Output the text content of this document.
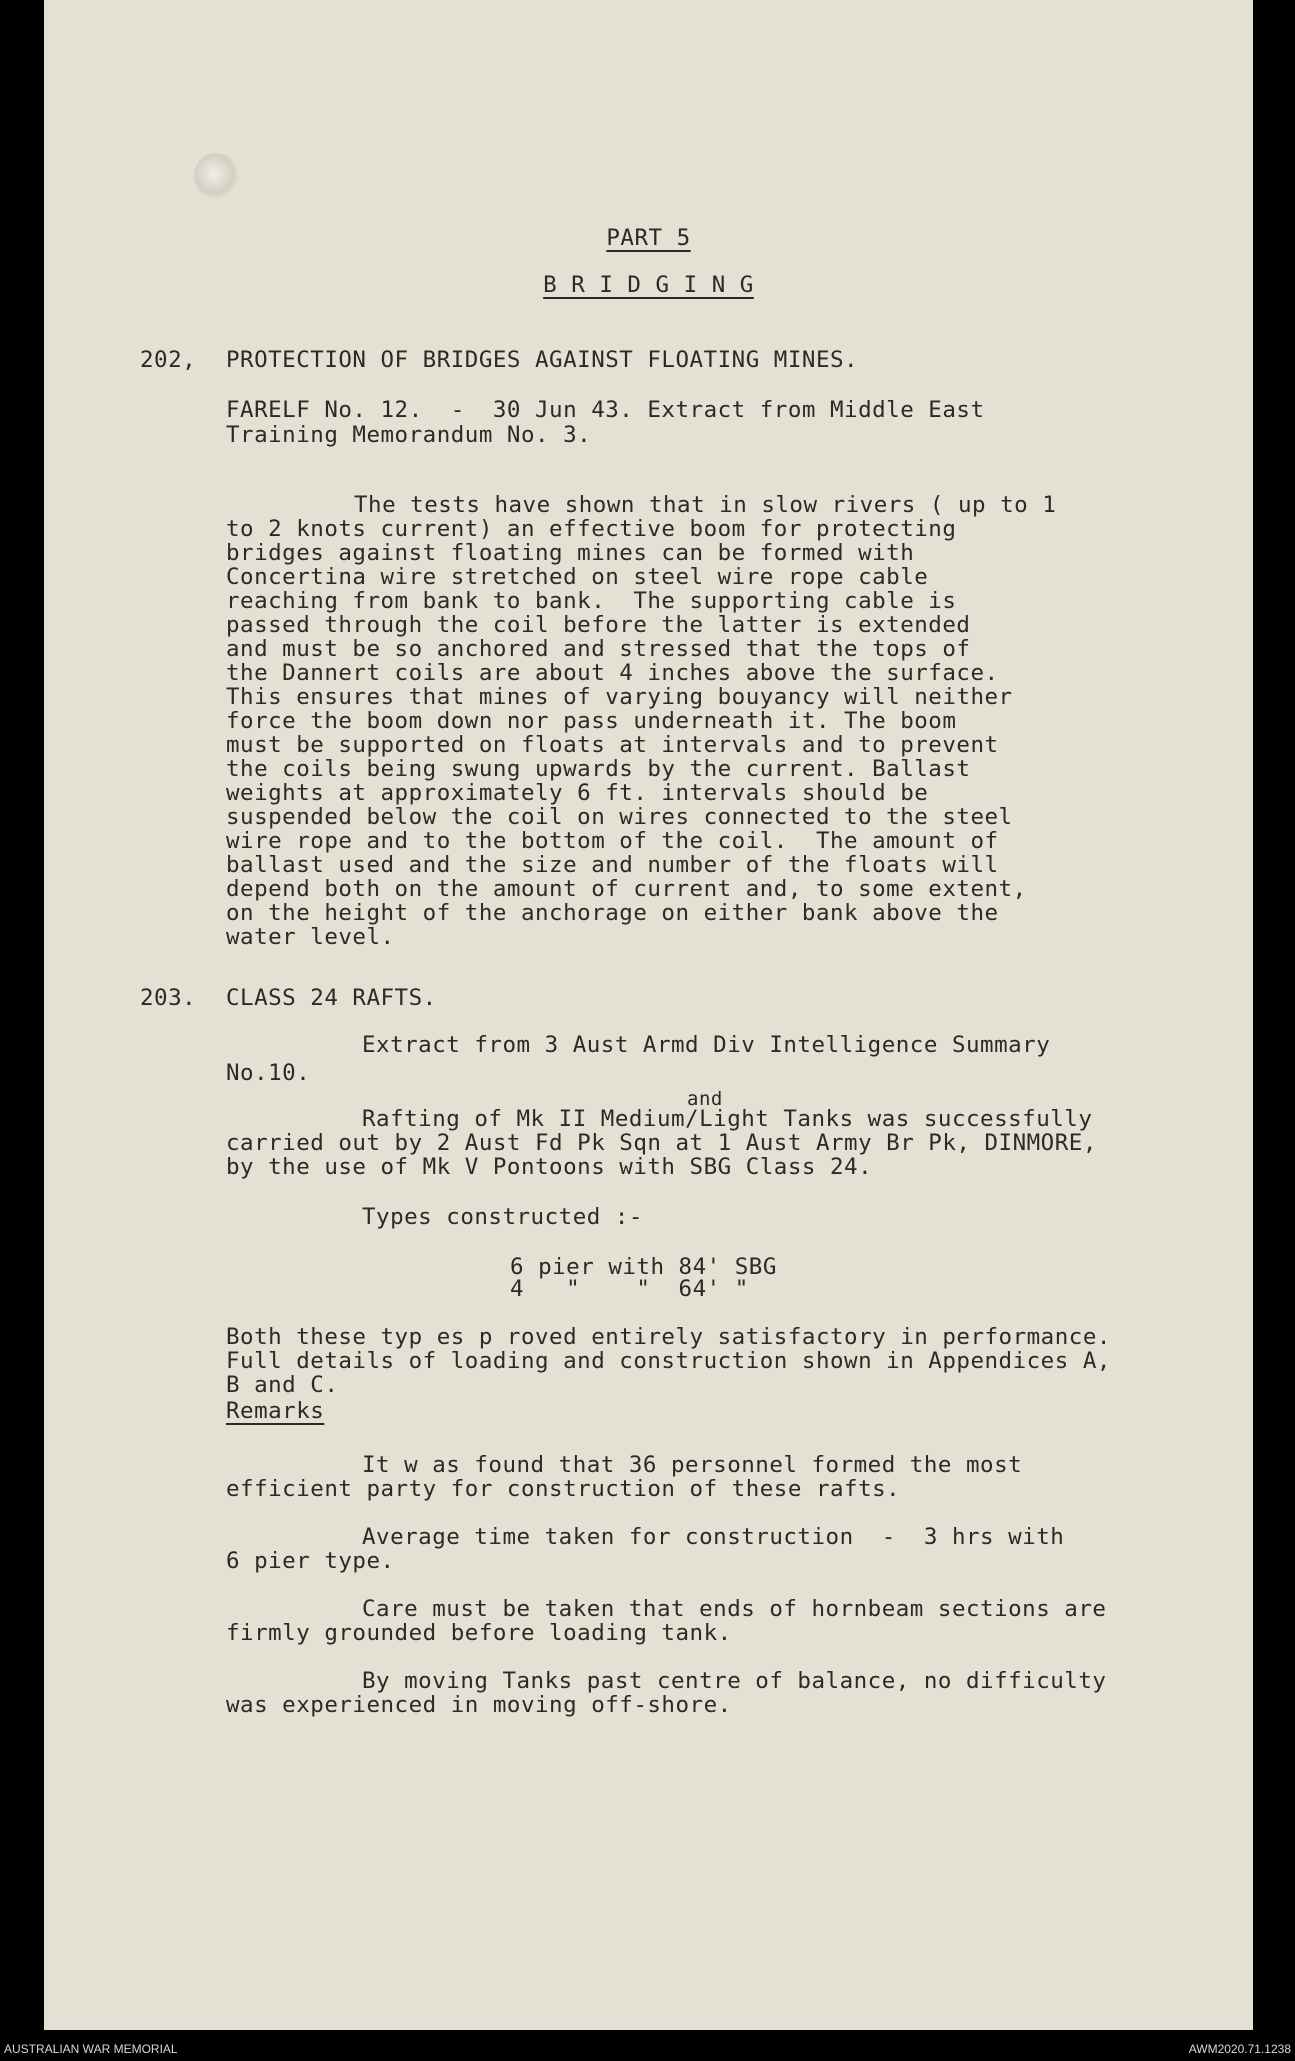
PART 5
B R I D G I N G
202, PROTECTION OF BRIDGES AGAINST FLOATING MINES.
FARELF No. 12.  -  30 Jun 43. Extract from Middle East
Training Memorandum No. 3.
The tests have shown that in slow rivers ( up to 1
to 2 knots current) an effective boom for protecting
bridges against floating mines can be formed with
Concertina wire stretched on steel wire rope cable
reaching from bank to bank.  The supporting cable is
passed through the coil before the latter is extended
and must be so anchored and stressed that the tops of
the Dannert coils are about 4 inches above the surface.
This ensures that mines of varying bouyancy will neither
force the boom down nor pass underneath it. The boom
must be supported on floats at intervals and to prevent
the coils being swung upwards by the current. Ballast
weights at approximately 6 ft. intervals should be
suspended below the coil on wires connected to the steel
wire rope and to the bottom of the coil.  The amount of
ballast used and the size and number of the floats will
depend both on the amount of current and, to some extent,
on the height of the anchorage on either bank above the
water level.
203. CLASS 24 RAFTS.
Extract from 3 Aust Armd Div Intelligence Summary
No.10.
and
Rafting of Mk II Medium/Light Tanks was successfully
carried out by 2 Aust Fd Pk Sqn at 1 Aust Army Br Pk, DINMORE,
by the use of Mk V Pontoons with SBG Class 24.
Types constructed :-
6 pier with 84' SBG
4   "    "  64' "
Both these typ es p roved entirely satisfactory in performance.
Full details of loading and construction shown in Appendices A,
B and C.
Remarks
It w as found that 36 personnel formed the most
efficient party for construction of these rafts.
Average time taken for construction  -  3 hrs with
6 pier type.
Care must be taken that ends of hornbeam sections are
firmly grounded before loading tank.
By moving Tanks past centre of balance, no difficulty
was experienced in moving off-shore.
AUSTRALIAN WAR MEMORIAL	AWM2020.71.1238
